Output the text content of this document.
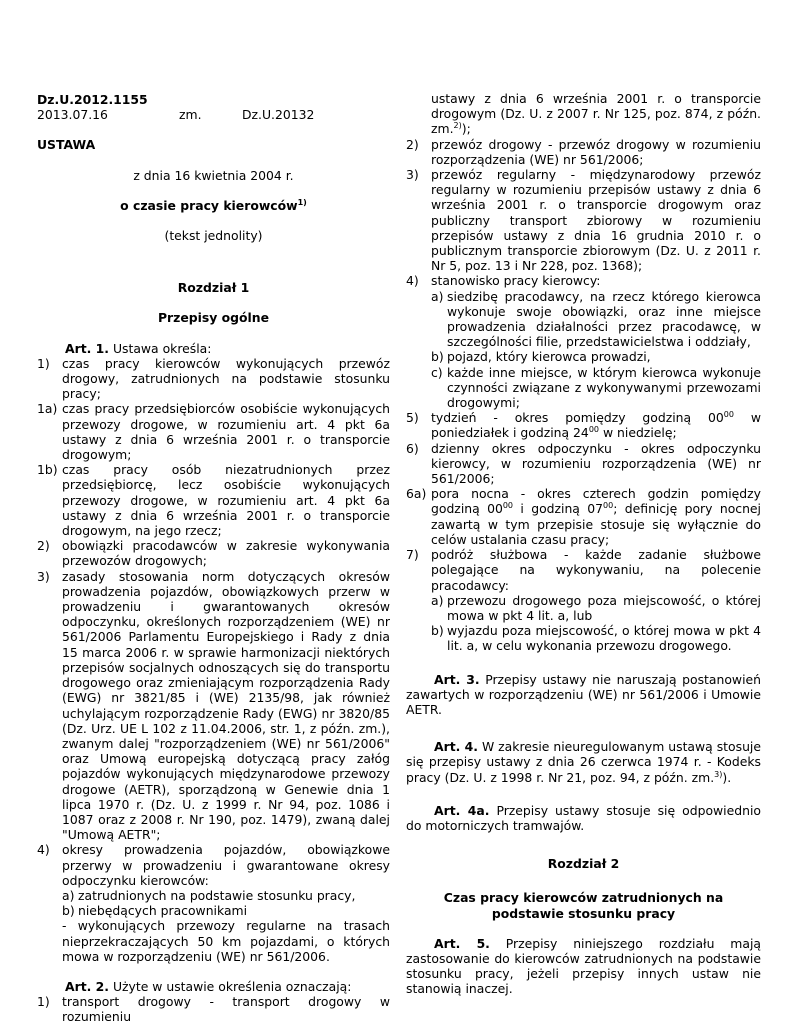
Dz.U.2012.1155

2013.07.16	zm.	Dz.U.20132

USTAWA

z dnia 16 kwietnia 2004 r.

o czasie pracy kierowców$^{1)}$

(tekst jednolity)

Rozdział 1

Przepisy ogólne

Art. 1. Ustawa określa:

1) czas pracy kierowców wykonujących przewóz drogowy, zatrudnionych na podstawie stosunku pracy;
1a) czas pracy przedsiębiorców osobiście wykonujących przewozy drogowe, w rozumieniu art. 4 pkt 6a ustawy z dnia 6 września 2001 r. o transporcie drogowym;
1b) czas pracy osób niezatrudnionych przez przedsiębiorcę, lecz osobiście wykonujących przewozy drogowe, w rozumieniu art. 4 pkt 6a ustawy z dnia 6 września 2001 r. o transporcie drogowym, na jego rzecz;
2) obowiązki pracodawców w zakresie wykonywania przewozów drogowych;
3) zasady stosowania norm dotyczących okresów prowadzenia pojazdów, obowiązkowych przerw w prowadzeniu i gwarantowanych okresów odpoczynku, określonych rozporządzeniem (WE) nr 561/2006 Parlamentu Europejskiego i Rady z dnia 15 marca 2006 r. w sprawie harmonizacji niektórych przepisów socjalnych odnoszących się do transportu drogowego oraz zmieniającym rozporządzenia Rady (EWG) nr 3821/85 i (WE) 2135/98, jak również uchylającym rozporządzenie Rady (EWG) nr 3820/85 (Dz. Urz. UE L 102 z 11.04.2006, str. 1, z późn. zm.), zwanym dalej "rozporządzeniem (WE) nr 561/2006" oraz Umową europejską dotyczącą pracy załóg pojazdów wykonujących międzynarodowe przewozy drogowe (AETR), sporządzoną w Genewie dnia 1 lipca 1970 r. (Dz. U. z 1999 r. Nr 94, poz. 1086 i 1087 oraz z 2008 r. Nr 190, poz. 1479), zwaną dalej "Umową AETR";
4) okresy prowadzenia pojazdów, obowiązkowe przerwy w prowadzeniu i gwarantowane okresy odpoczynku kierowców:
a) zatrudnionych na podstawie stosunku pracy,
b) niebędących pracownikami

- wykonujących przewozy regularne na trasach nieprzekraczających 50 km pojazdami, o których mowa w rozporządzeniu (WE) nr 561/2006.

Art. 2. Użyte w ustawie określenia oznaczają:

1) transport drogowy - transport drogowy w rozumieniu

ustawy z dnia 6 września 2001 r. o transporcie drogowym (Dz. U. z 2007 r. Nr 125, poz. 874, z późn. zm.$^{2)}$);

2) przewóz drogowy - przewóz drogowy w rozumieniu rozporządzenia (WE) nr 561/2006;
3) przewóz regularny - międzynarodowy przewóz regularny w rozumieniu przepisów ustawy z dnia 6 września 2001 r. o transporcie drogowym oraz publiczny transport zbiorowy w rozumieniu przepisów ustawy z dnia 16 grudnia 2010 r. o publicznym transporcie zbiorowym (Dz. U. z 2011 r. Nr 5, poz. 13 i Nr 228, poz. 1368);
4) stanowisko pracy kierowcy:
a) siedzibę pracodawcy, na rzecz którego kierowca wykonuje swoje obowiązki, oraz inne miejsce prowadzenia działalności przez pracodawcę, w szczególności filie, przedstawicielstwa i oddziały,
b) pojazd, który kierowca prowadzi,
c) każde inne miejsce, w którym kierowca wykonuje czynności związane z wykonywanymi przewozami drogowymi;
5) tydzień - okres pomiędzy godziną $00^{00}$ w poniedziałek i godziną $24^{00}$ w niedzielę;
6) dzienny okres odpoczynku - okres odpoczynku kierowcy, w rozumieniu rozporządzenia (WE) nr 561/2006;
6a) pora nocna - okres czterech godzin pomiędzy godziną $00^{00}$ i godziną $07^{00}$; definicję pory nocnej zawartą w tym przepisie stosuje się wyłącznie do celów ustalania czasu pracy;
7) podróż służbowa - każde zadanie służbowe polegające na wykonywaniu, na polecenie pracodawcy:
a) przewozu drogowego poza miejscowość, o której mowa w pkt 4 lit. a, lub
b) wyjazdu poza miejscowość, o której mowa w pkt 4 lit. a, w celu wykonania przewozu drogowego.

Art. 3. Przepisy ustawy nie naruszają postanowień zawartych w rozporządzeniu (WE) nr 561/2006 i Umowie AETR.

Art. 4. W zakresie nieuregulowanym ustawą stosuje się przepisy ustawy z dnia 26 czerwca 1974 r. - Kodeks pracy (Dz. U. z 1998 r. Nr 21, poz. 94, z późn. zm.$^{3)}$).

Art. 4a. Przepisy ustawy stosuje się odpowiednio do motorniczych tramwajów.

Rozdział 2

Czas pracy kierowców zatrudnionych na podstawie stosunku pracy

Art. 5. Przepisy niniejszego rozdziału mają zastosowanie do kierowców zatrudnionych na podstawie stosunku pracy, jeżeli przepisy innych ustaw nie stanowią inaczej.
